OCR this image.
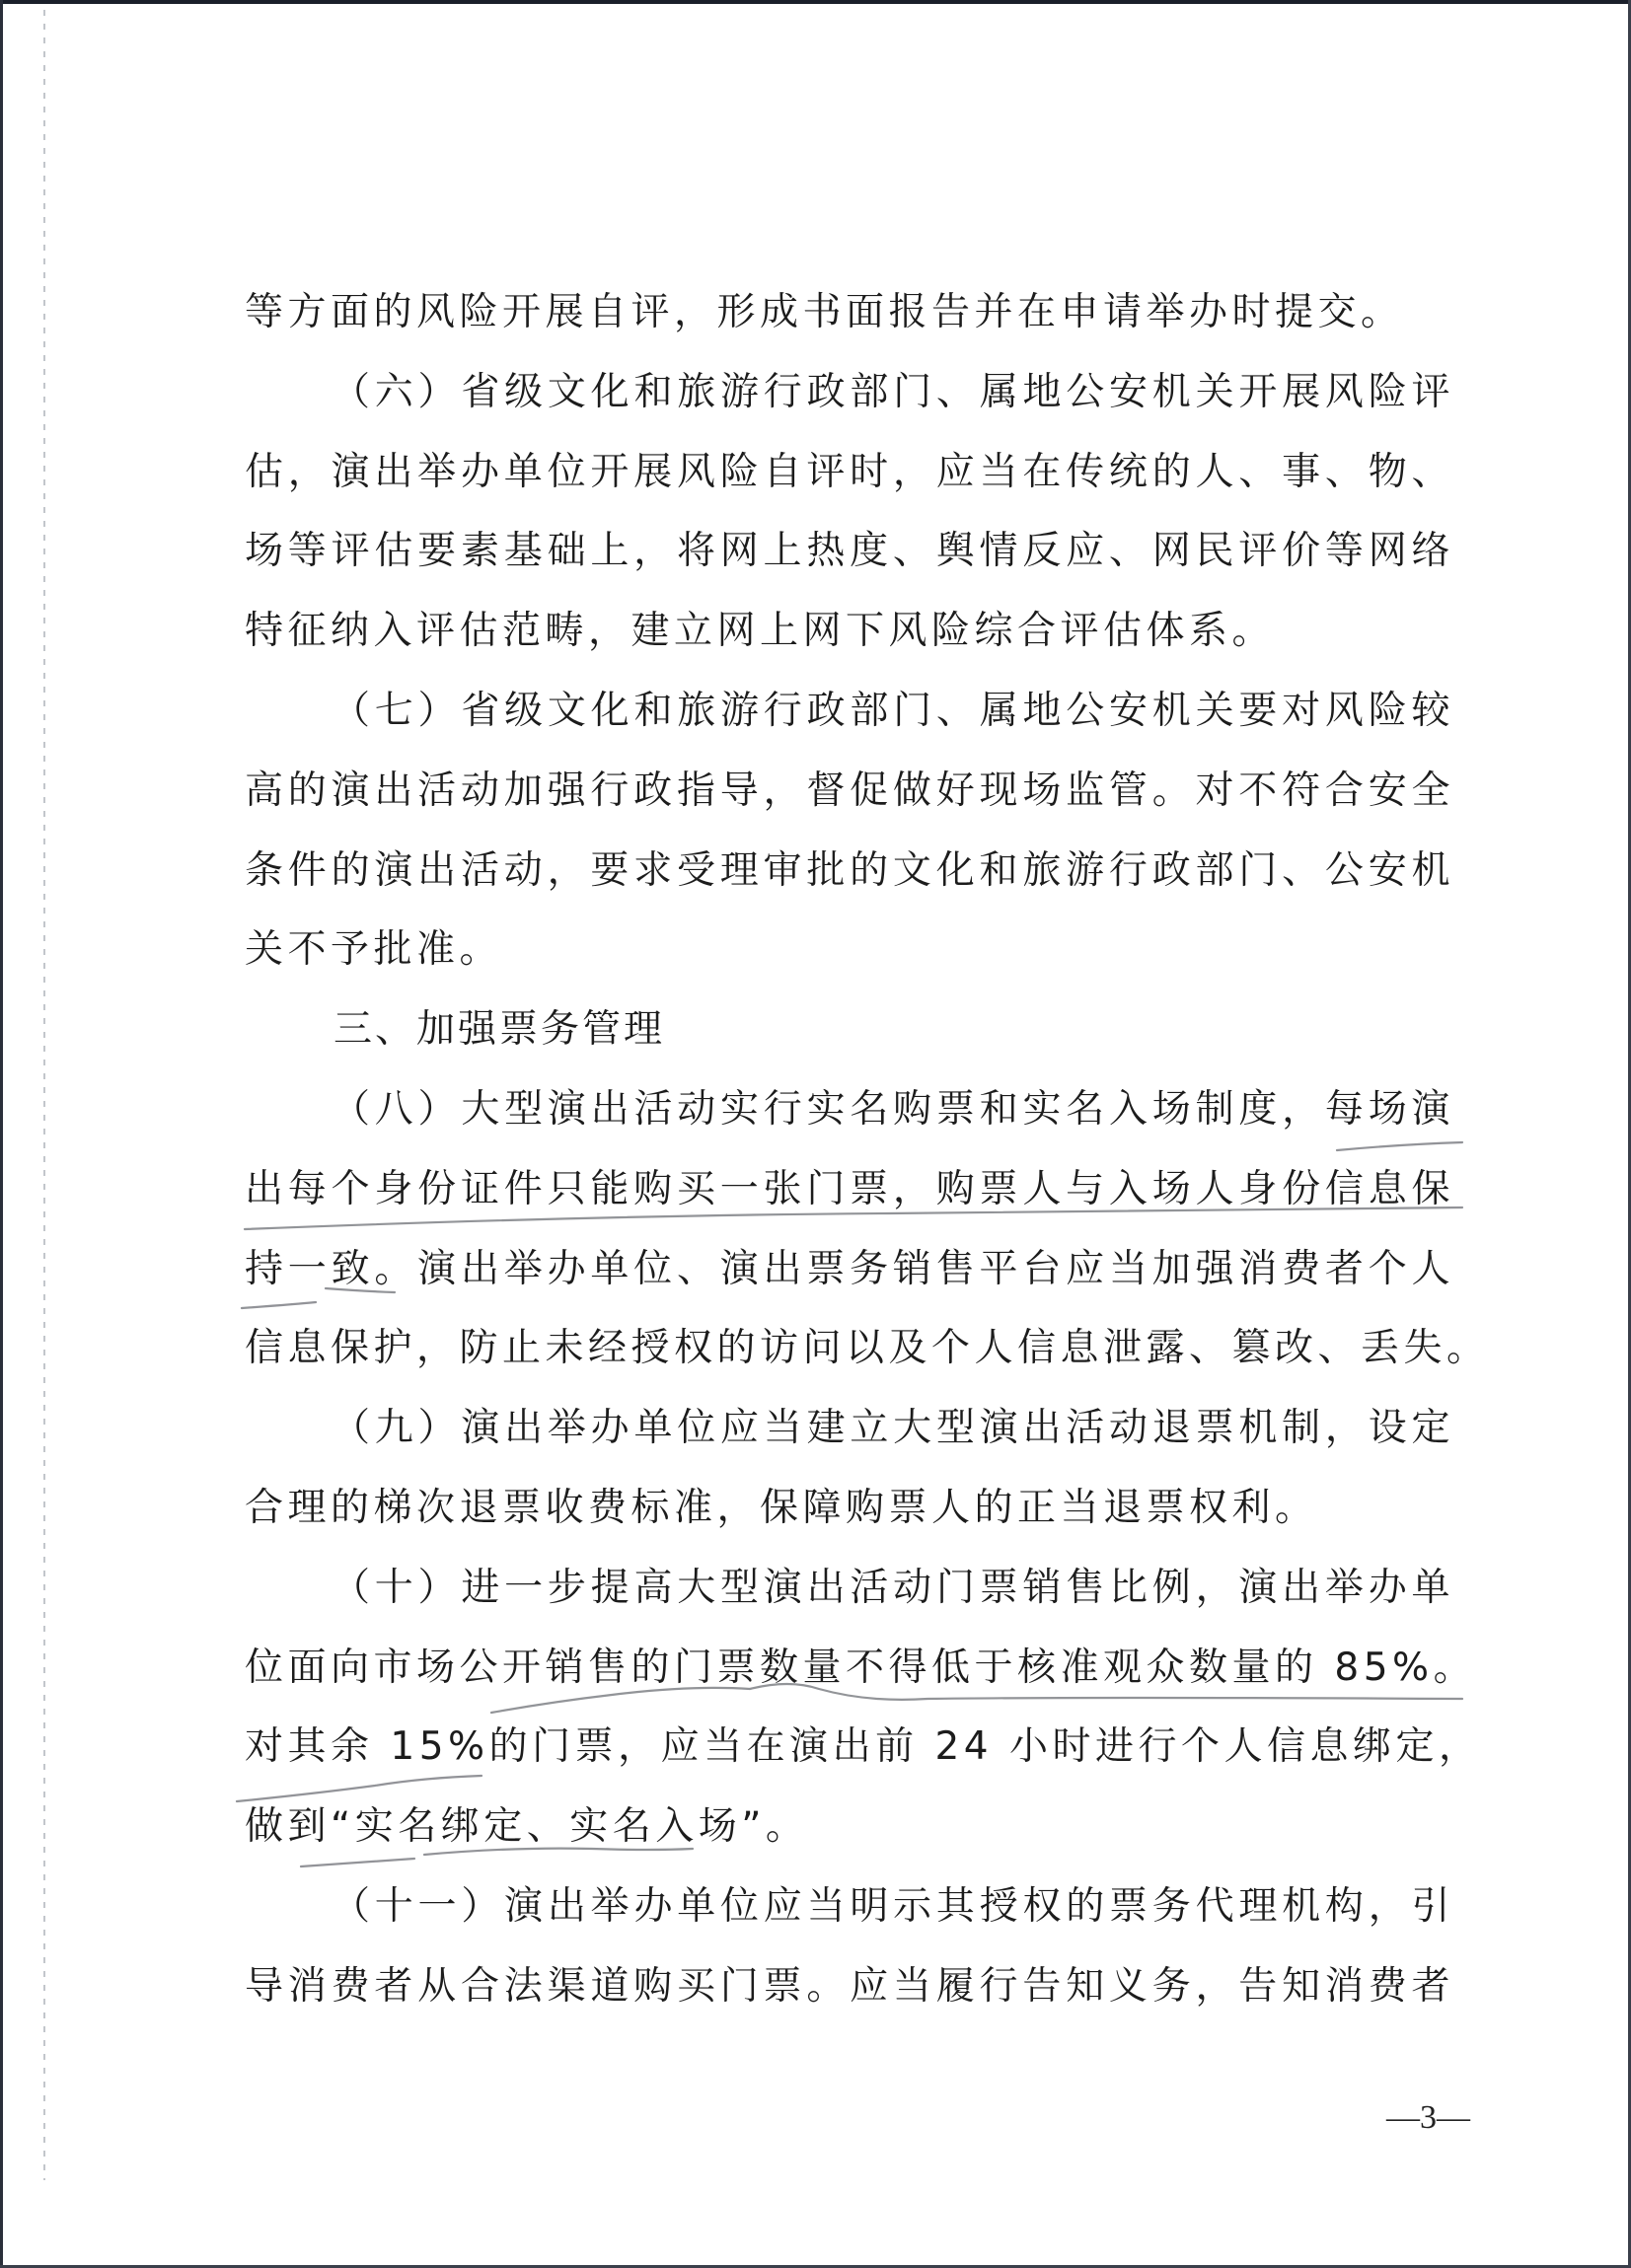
等方面的风险开展自评，形成书面报告并在申请举办时提交。
（六）省级文化和旅游行政部门、属地公安机关开展风险评
估，演出举办单位开展风险自评时，应当在传统的人、事、物、
场等评估要素基础上，将网上热度、舆情反应、网民评价等网络
特征纳入评估范畴，建立网上网下风险综合评估体系。
（七）省级文化和旅游行政部门、属地公安机关要对风险较
高的演出活动加强行政指导，督促做好现场监管。对不符合安全
条件的演出活动，要求受理审批的文化和旅游行政部门、公安机
关不予批准。
三、加强票务管理
（八）大型演出活动实行实名购票和实名入场制度，每场演
出每个身份证件只能购买一张门票，购票人与入场人身份信息保
持一致。演出举办单位、演出票务销售平台应当加强消费者个人
信息保护，防止未经授权的访问以及个人信息泄露、篡改、丢失。
（九）演出举办单位应当建立大型演出活动退票机制，设定
合理的梯次退票收费标准，保障购票人的正当退票权利。
（十）进一步提高大型演出活动门票销售比例，演出举办单
位面向市场公开销售的门票数量不得低于核准观众数量的 85%。
对其余 15%的门票，应当在演出前 24 小时进行个人信息绑定，
做到“实名绑定、实名入场”。
（十一）演出举办单位应当明示其授权的票务代理机构，引
导消费者从合法渠道购买门票。应当履行告知义务，告知消费者
—3—
